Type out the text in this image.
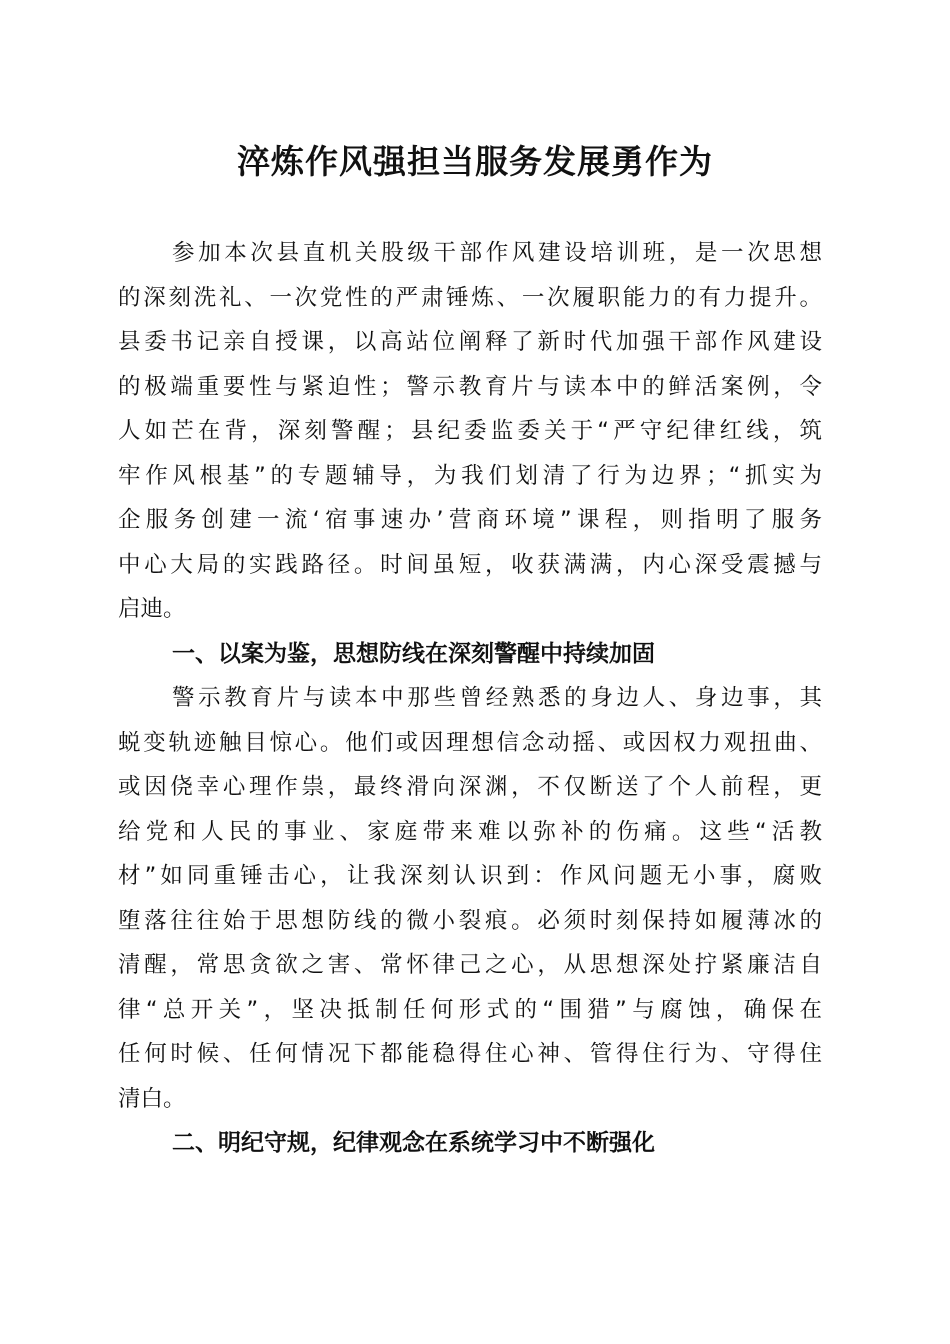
淬炼作风强担当服务发展勇作为
参加本次县直机关股级干部作风建设培训班，是一次思想
的深刻洗礼、一次党性的严肃锤炼、一次履职能力的有力提升。
县委书记亲自授课，以高站位阐释了新时代加强干部作风建设
的极端重要性与紧迫性；警示教育片与读本中的鲜活案例，令
人如芒在背，深刻警醒；县纪委监委关于“严守纪律红线，筑
牢作风根基”的专题辅导，为我们划清了行为边界；“抓实为
企服务创建一流‘宿事速办’营商环境”课程，则指明了服务
中心大局的实践路径。时间虽短，收获满满，内心深受震撼与
启迪。
一、以案为鉴，思想防线在深刻警醒中持续加固
警示教育片与读本中那些曾经熟悉的身边人、身边事，其
蜕变轨迹触目惊心。他们或因理想信念动摇、或因权力观扭曲、
或因侥幸心理作祟，最终滑向深渊，不仅断送了个人前程，更
给党和人民的事业、家庭带来难以弥补的伤痛。这些“活教
材”如同重锤击心，让我深刻认识到：作风问题无小事，腐败
堕落往往始于思想防线的微小裂痕。必须时刻保持如履薄冰的
清醒，常思贪欲之害、常怀律己之心，从思想深处拧紧廉洁自
律“总开关”，坚决抵制任何形式的“围猎”与腐蚀，确保在
任何时候、任何情况下都能稳得住心神、管得住行为、守得住
清白。
二、明纪守规，纪律观念在系统学习中不断强化
